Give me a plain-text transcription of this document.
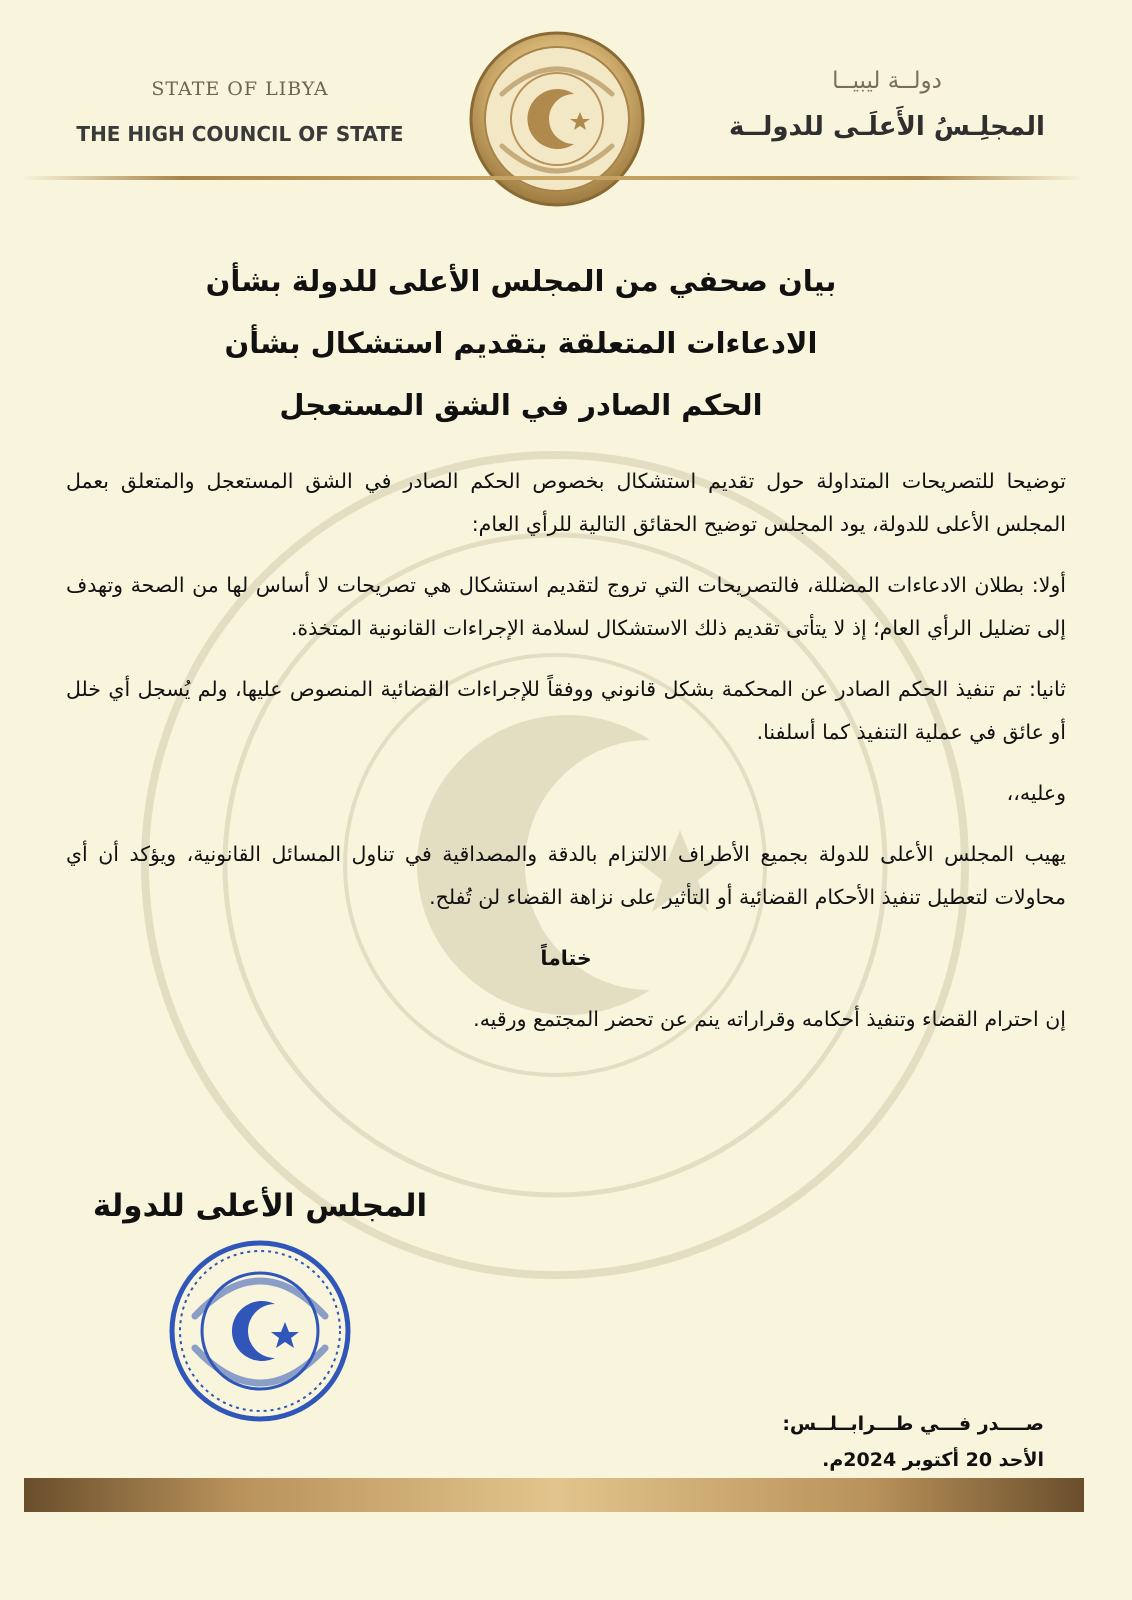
STATE OF LIBYA
THE HIGH COUNCIL OF STATE
دولــة ليبيــا
المجلِـسُ الأَعلَـى للدولــة
بيان صحفي من المجلس الأعلى للدولة بشأن
الادعاءات المتعلقة بتقديم استشكال بشأن
الحكم الصادر في الشق المستعجل

توضيحا للتصريحات المتداولة حول تقديم استشكال بخصوص الحكم الصادر في الشق المستعجل والمتعلق بعمل المجلس الأعلى للدولة، يود المجلس توضيح الحقائق التالية للرأي العام:

أولا: بطلان الادعاءات المضللة، فالتصريحات التي تروج لتقديم استشكال هي تصريحات لا أساس لها من الصحة وتهدف إلى تضليل الرأي العام؛ إذ لا يتأتى تقديم ذلك الاستشكال لسلامة الإجراءات القانونية المتخذة.

ثانيا: تم تنفيذ الحكم الصادر عن المحكمة بشكل قانوني ووفقاً للإجراءات القضائية المنصوص عليها، ولم يُسجل أي خلل أو عائق في عملية التنفيذ كما أسلفنا.

وعليه،،

يهيب المجلس الأعلى للدولة بجميع الأطراف الالتزام بالدقة والمصداقية في تناول المسائل القانونية، ويؤكد أن أي محاولات لتعطيل تنفيذ الأحكام القضائية أو التأثير على نزاهة القضاء لن تُفلح.

ختاماً

إن احترام القضاء وتنفيذ أحكامه وقراراته ينم عن تحضر المجتمع ورقيه.

المجلس الأعلى للدولة
صــــدر فـــي طـــرابــلــس:
الأحد 20 أكتوبر 2024م.
